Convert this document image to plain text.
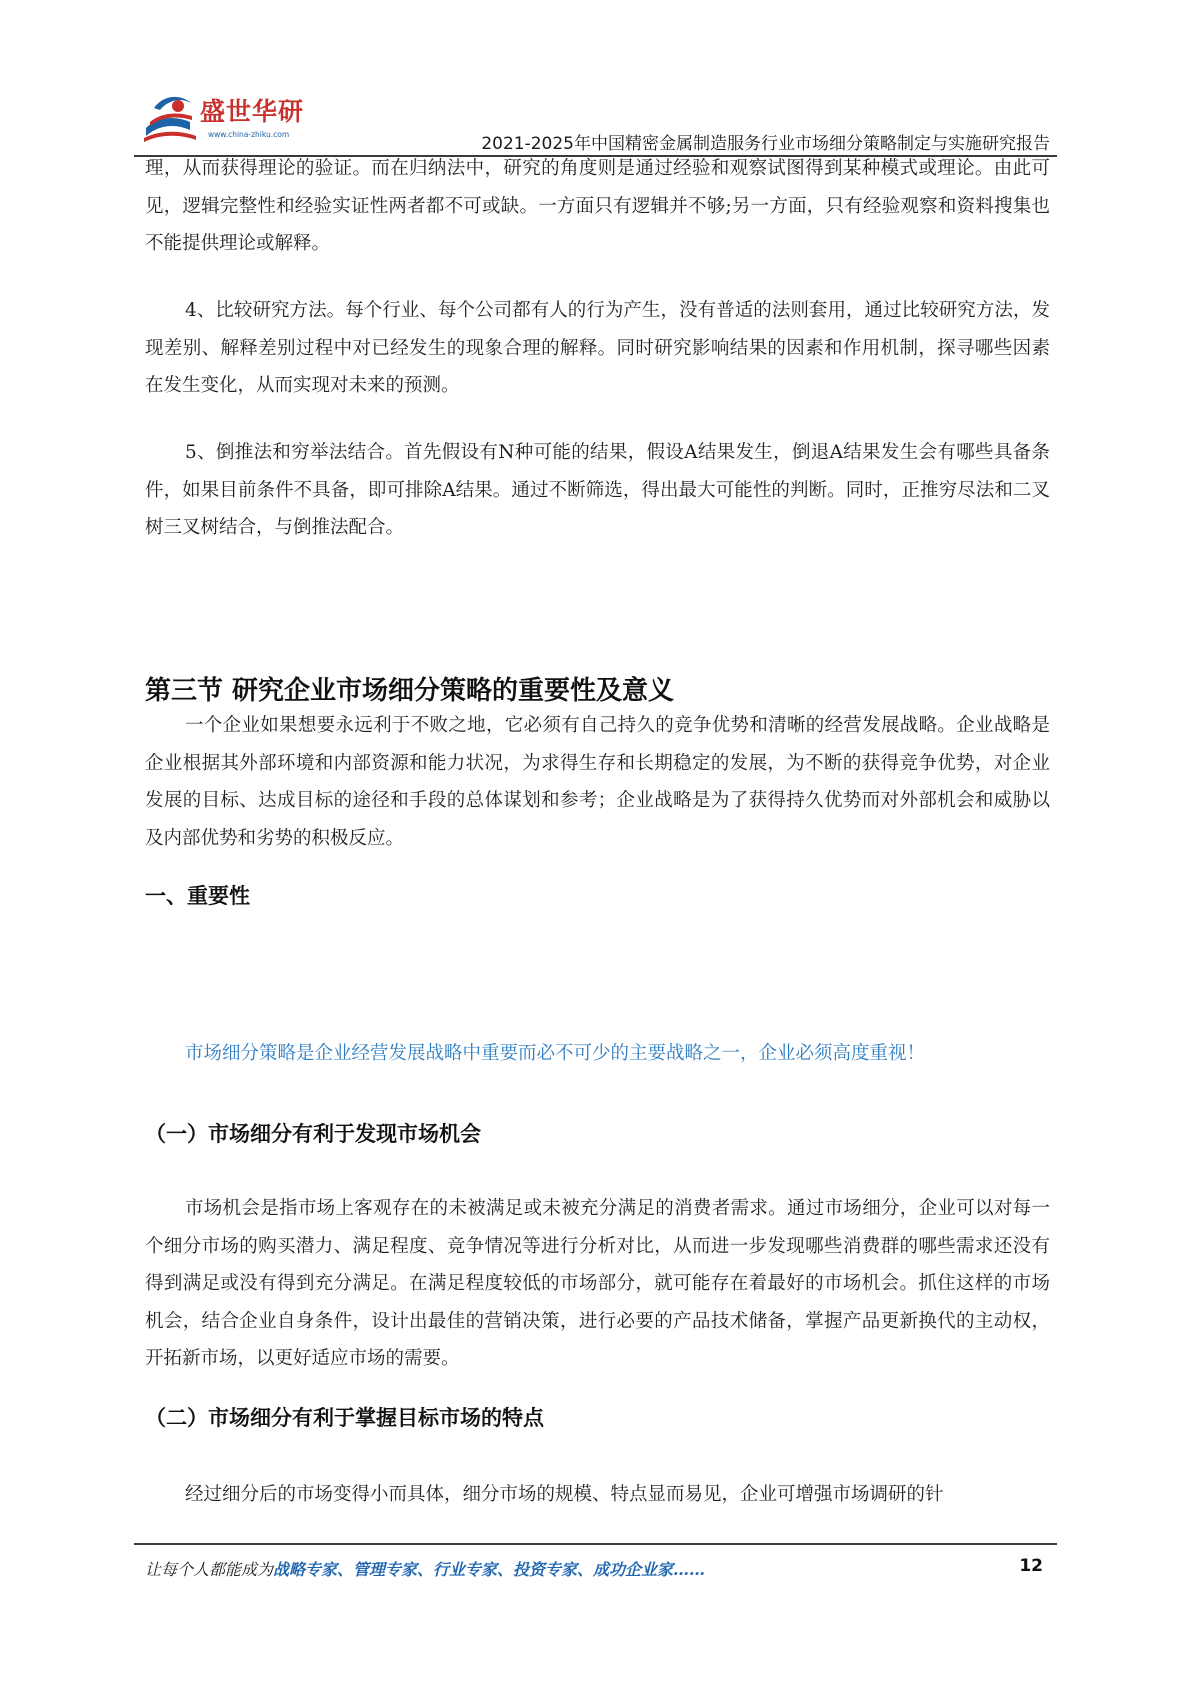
盛世华研
www.china-zhiku.com	2021-2025年中国精密金属制造服务行业市场细分策略制定与实施研究报告

理，从而获得理论的验证。而在归纳法中，研究的角度则是通过经验和观察试图得到某种模式或理论。由此可见，逻辑完整性和经验实证性两者都不可或缺。一方面只有逻辑并不够;另一方面，只有经验观察和资料搜集也不能提供理论或解释。

4、比较研究方法。每个行业、每个公司都有人的行为产生，没有普适的法则套用，通过比较研究方法，发现差别、解释差别过程中对已经发生的现象合理的解释。同时研究影响结果的因素和作用机制，探寻哪些因素在发生变化，从而实现对未来的预测。

5、倒推法和穷举法结合。首先假设有N种可能的结果，假设A结果发生，倒退A结果发生会有哪些具备条件，如果目前条件不具备，即可排除A结果。通过不断筛选，得出最大可能性的判断。同时，正推穷尽法和二叉树三叉树结合，与倒推法配合。

第三节 研究企业市场细分策略的重要性及意义

一个企业如果想要永远利于不败之地，它必须有自己持久的竞争优势和清晰的经营发展战略。企业战略是企业根据其外部环境和内部资源和能力状况，为求得生存和长期稳定的发展，为不断的获得竞争优势，对企业发展的目标、达成目标的途径和手段的总体谋划和参考；企业战略是为了获得持久优势而对外部机会和威胁以及内部优势和劣势的积极反应。

一、重要性
市场细分策略是企业经营发展战略中重要而必不可少的主要战略之一，企业必须高度重视！
（一）市场细分有利于发现市场机会

市场机会是指市场上客观存在的未被满足或未被充分满足的消费者需求。通过市场细分，企业可以对每一个细分市场的购买潜力、满足程度、竞争情况等进行分析对比，从而进一步发现哪些消费群的哪些需求还没有得到满足或没有得到充分满足。在满足程度较低的市场部分，就可能存在着最好的市场机会。抓住这样的市场机会，结合企业自身条件，设计出最佳的营销决策，进行必要的产品技术储备，掌握产品更新换代的主动权，开拓新市场，以更好适应市场的需要。

（二）市场细分有利于掌握目标市场的特点

经过细分后的市场变得小而具体，细分市场的规模、特点显而易见，企业可增强市场调研的针

让每个人都能成为战略专家、管理专家、行业专家、投资专家、成功企业家……	12
